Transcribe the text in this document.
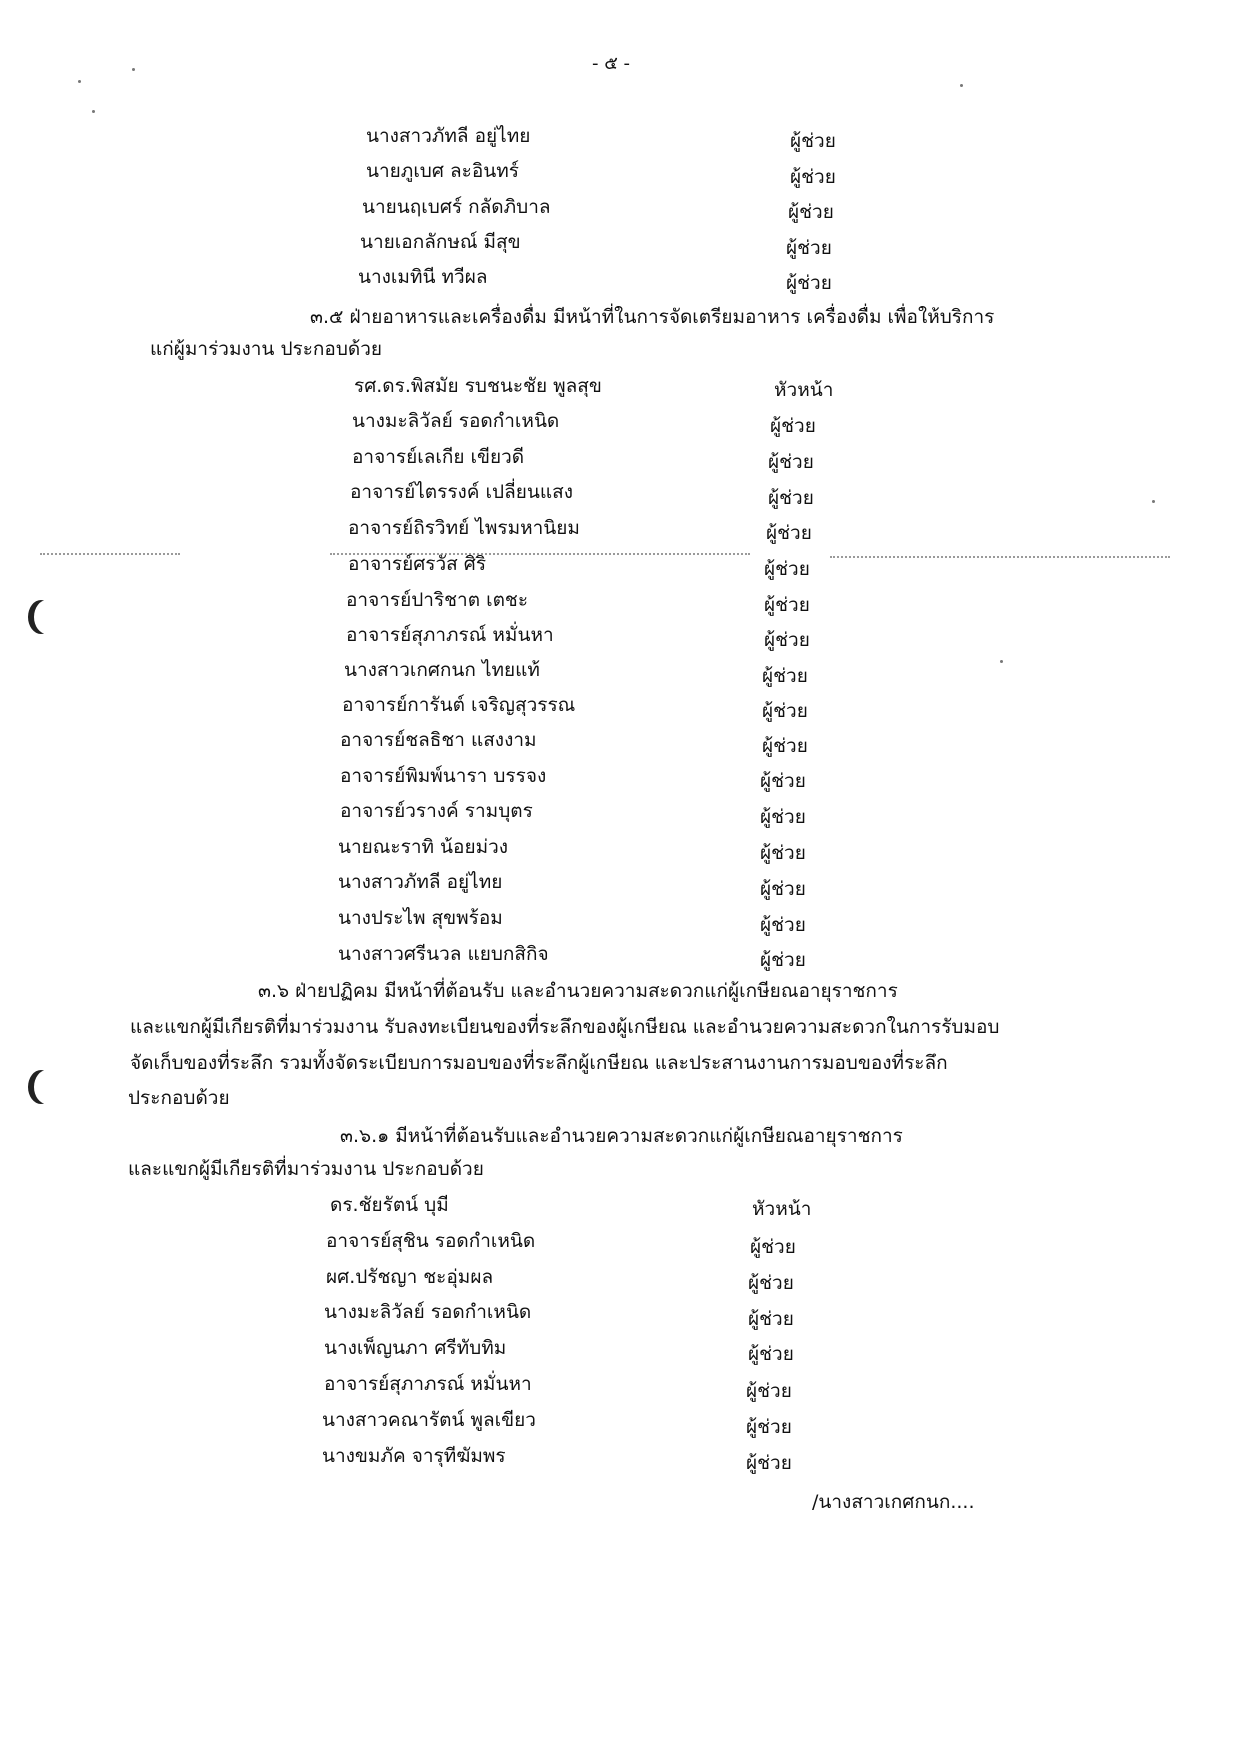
- ๕ -
นางสาวภัทลี อยู่ไทย	ผู้ช่วย
นายภูเบศ ละอินทร์	ผู้ช่วย
นายนฤเบศร์ กลัดภิบาล	ผู้ช่วย
นายเอกลักษณ์ มีสุข	ผู้ช่วย
นางเมทินี ทวีผล	ผู้ช่วย
๓.๕ ฝ่ายอาหารและเครื่องดื่ม มีหน้าที่ในการจัดเตรียมอาหาร เครื่องดื่ม เพื่อให้บริการ
แก่ผู้มาร่วมงาน ประกอบด้วย
รศ.ดร.พิสมัย รบชนะชัย พูลสุข	หัวหน้า
นางมะลิวัลย์ รอดกำเหนิด	ผู้ช่วย
อาจารย์เลเกีย เขียวดี	ผู้ช่วย
อาจารย์ไตรรงค์ เปลี่ยนแสง	ผู้ช่วย
อาจารย์ถิรวิทย์ ไพรมหานิยม	ผู้ช่วย
อาจารย์ศรวัส ศิริ	ผู้ช่วย
อาจารย์ปาริชาต เตชะ	ผู้ช่วย
อาจารย์สุภาภรณ์ หมั่นหา	ผู้ช่วย
นางสาวเกศกนก ไทยแท้	ผู้ช่วย
อาจารย์การันต์ เจริญสุวรรณ	ผู้ช่วย
อาจารย์ชลธิชา แสงงาม	ผู้ช่วย
อาจารย์พิมพ์นารา บรรจง	ผู้ช่วย
อาจารย์วรางค์ รามบุตร	ผู้ช่วย
นายณะราทิ น้อยม่วง	ผู้ช่วย
นางสาวภัทลี อยู่ไทย	ผู้ช่วย
นางประไพ สุขพร้อม	ผู้ช่วย
นางสาวศรีนวล แยบกสิกิจ	ผู้ช่วย
๓.๖ ฝ่ายปฏิคม มีหน้าที่ต้อนรับ และอำนวยความสะดวกแก่ผู้เกษียณอายุราชการ
และแขกผู้มีเกียรติที่มาร่วมงาน รับลงทะเบียนของที่ระลึกของผู้เกษียณ และอำนวยความสะดวกในการรับมอบ
จัดเก็บของที่ระลึก รวมทั้งจัดระเบียบการมอบของที่ระลึกผู้เกษียณ และประสานงานการมอบของที่ระลึก
ประกอบด้วย
๓.๖.๑ มีหน้าที่ต้อนรับและอำนวยความสะดวกแก่ผู้เกษียณอายุราชการ
และแขกผู้มีเกียรติที่มาร่วมงาน ประกอบด้วย
ดร.ชัยรัตน์ บุมี	หัวหน้า
อาจารย์สุชิน รอดกำเหนิด	ผู้ช่วย
ผศ.ปรัชญา ชะอุ่มผล	ผู้ช่วย
นางมะลิวัลย์ รอดกำเหนิด	ผู้ช่วย
นางเพ็ญนภา ศรีทับทิม	ผู้ช่วย
อาจารย์สุภาภรณ์ หมั่นหา	ผู้ช่วย
นางสาวคณารัตน์ พูลเขียว	ผู้ช่วย
นางขมภัค จารุทีฆัมพร	ผู้ช่วย
/นางสาวเกศกนก....
